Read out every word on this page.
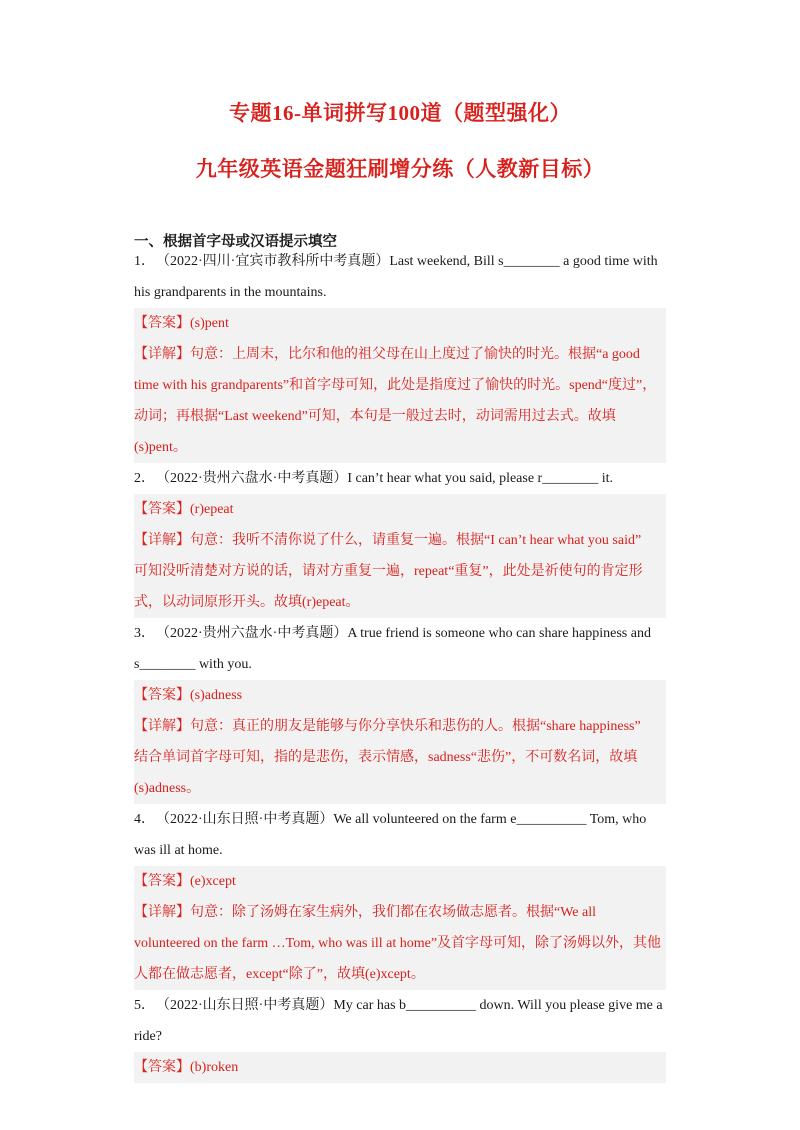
专题16-单词拼写100道（题型强化）
九年级英语金题狂刷增分练（人教新目标）
一、根据首字母或汉语提示填空
1．（2022·四川·宜宾市教科所中考真题）Last weekend, Bill s________ a good time with
his grandparents in the mountains.
【答案】(s)pent
【详解】句意：上周末，比尔和他的祖父母在山上度过了愉快的时光。根据“a good
time with his grandparents”和首字母可知，此处是指度过了愉快的时光。spend“度过”，
动词；再根据“Last weekend”可知，本句是一般过去时，动词需用过去式。故填
(s)pent。
2．（2022·贵州六盘水·中考真题）I can’t hear what you said, please r________ it.
【答案】(r)epeat
【详解】句意：我听不清你说了什么，请重复一遍。根据“I can’t hear what you said”
可知没听清楚对方说的话，请对方重复一遍，repeat“重复”，此处是祈使句的肯定形
式，以动词原形开头。故填(r)epeat。
3．（2022·贵州六盘水·中考真题）A true friend is someone who can share happiness and
s________ with you.
【答案】(s)adness
【详解】句意：真正的朋友是能够与你分享快乐和悲伤的人。根据“share happiness”
结合单词首字母可知，指的是悲伤，表示情感，sadness“悲伤”，不可数名词，故填
(s)adness。
4．（2022·山东日照·中考真题）We all volunteered on the farm e__________ Tom, who
was ill at home.
【答案】(e)xcept
【详解】句意：除了汤姆在家生病外，我们都在农场做志愿者。根据“We all
volunteered on the farm …Tom, who was ill at home”及首字母可知，除了汤姆以外，其他
人都在做志愿者，except“除了”，故填(e)xcept。
5．（2022·山东日照·中考真题）My car has b__________ down. Will you please give me a
ride?
【答案】(b)roken
